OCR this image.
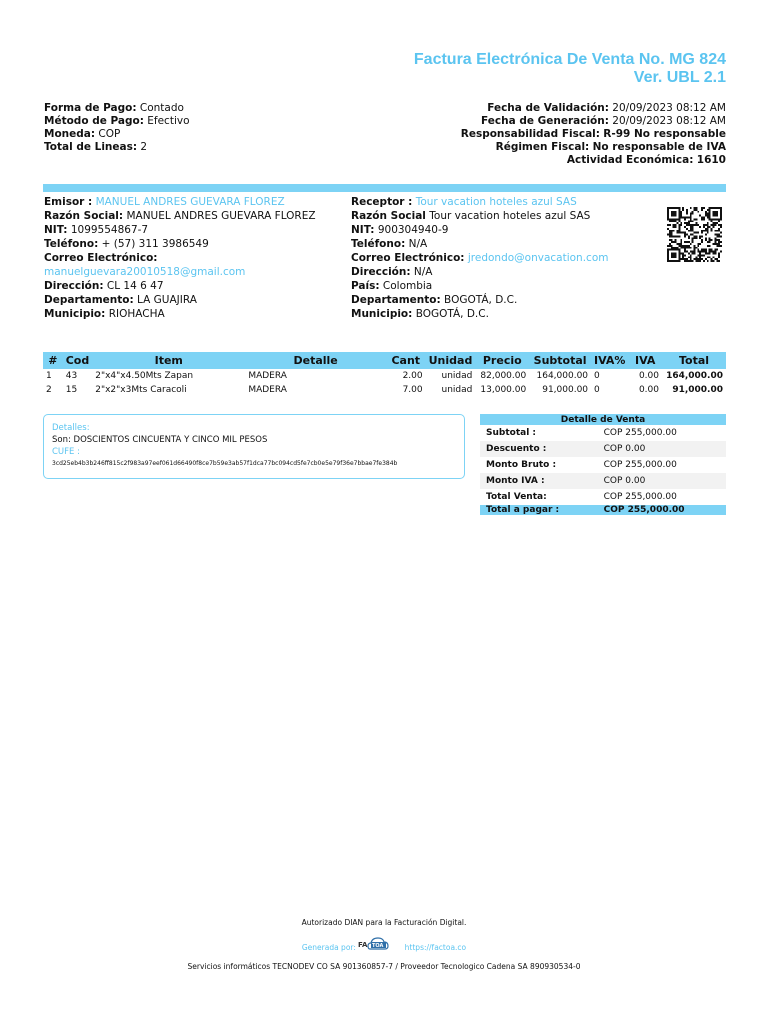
Factura Electrónica De Venta No. MG 824
Ver. UBL 2.1
Forma de Pago: Contado
Método de Pago: Efectivo
Moneda: COP
Total de Lineas: 2
Fecha de Validación: 20/09/2023 08:12 AM
Fecha de Generación: 20/09/2023 08:12 AM
Responsabilidad Fiscal: R-99 No responsable
Régimen Fiscal: No responsable de IVA
Actividad Económica: 1610
Emisor : MANUEL ANDRES GUEVARA FLOREZ
Razón Social: MANUEL ANDRES GUEVARA FLOREZ
NIT: 1099554867-7
Teléfono: + (57) 311 3986549
Correo Electrónico:
manuelguevara20010518@gmail.com
Dirección: CL 14 6 47
Departamento: LA GUAJIRA
Municipio: RIOHACHA
Receptor : Tour vacation hoteles azul SAS
Razón Social Tour vacation hoteles azul SAS
NIT: 900304940-9
Teléfono: N/A
Correo Electrónico: jredondo@onvacation.com
Dirección: N/A
País: Colombia
Departamento: BOGOTÁ, D.C.
Municipio: BOGOTÁ, D.C.
#	Cod	Item	Detalle	Cant	Unidad	Precio	Subtotal	IVA%	IVA	Total
1	43	2"x4"x4.50Mts Zapan	MADERA	2.00	unidad	82,000.00	164,000.00	0	0.00	164,000.00
2	15	2"x2"x3Mts Caracoli	MADERA	7.00	unidad	13,000.00	91,000.00	0	0.00	91,000.00
Detalles:
Son: DOSCIENTOS CINCUENTA Y CINCO MIL PESOS
CUFE :
3cd25eb4b3b246ff815c2f983a97eef061d66490f8ce7b59e3ab57f1dca77bc094cd5fe7cb0e5e79f36e7bbae7fe384b
Detalle de Venta	
Subtotal :	COP 255,000.00
Descuento :	COP 0.00
Monto Bruto :	COP 255,000.00
Monto IVA :	COP 0.00
Total Venta:	COP 255,000.00
Total a pagar :	COP 255,000.00
Autorizado DIAN para la Facturación Digital.
Generada por: FA TOA	https://factoa.co
Servicios informáticos TECNODEV CO SA 901360857-7 / Proveedor Tecnologico Cadena SA 890930534-0
